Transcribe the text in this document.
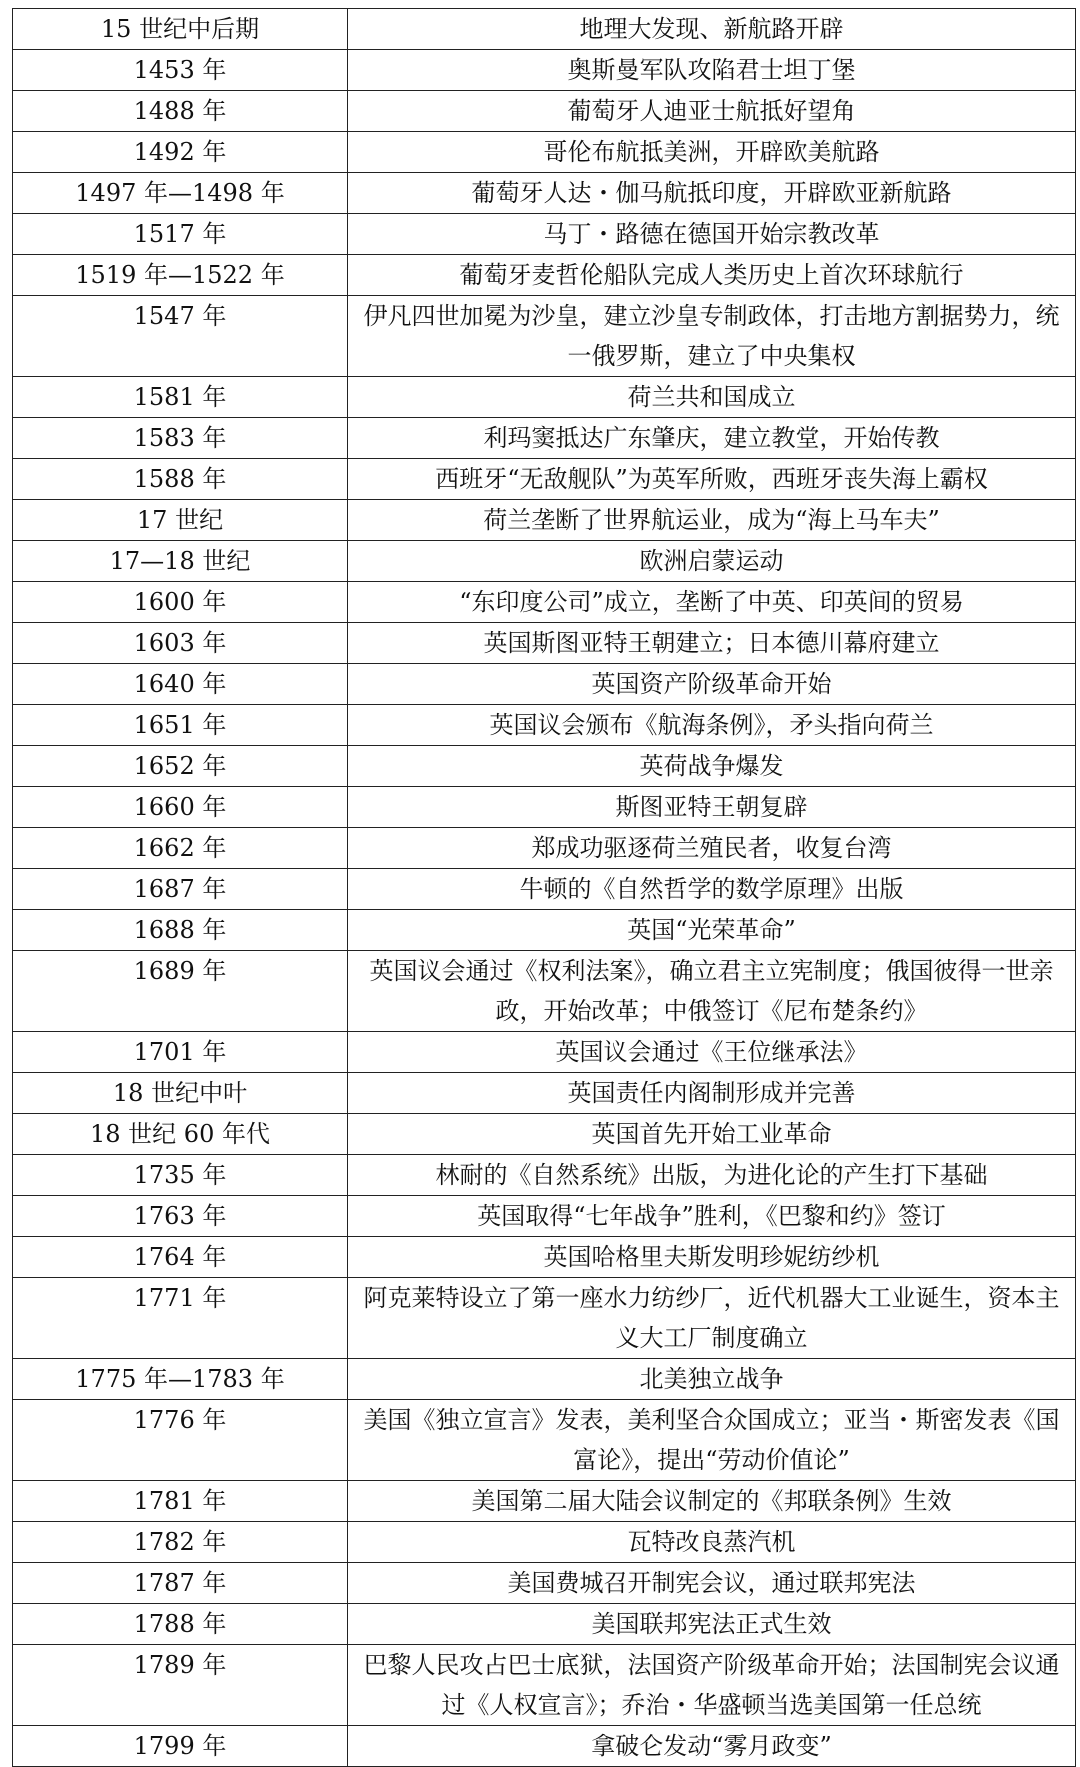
15 世纪中后期	地理大发现、新航路开辟
1453 年	奥斯曼军队攻陷君士坦丁堡
1488 年	葡萄牙人迪亚士航抵好望角
1492 年	哥伦布航抵美洲，开辟欧美航路
1497 年—1498 年	葡萄牙人达・伽马航抵印度，开辟欧亚新航路
1517 年	马丁・路德在德国开始宗教改革
1519 年—1522 年	葡萄牙麦哲伦船队完成人类历史上首次环球航行
1547 年	伊凡四世加冕为沙皇，建立沙皇专制政体，打击地方割据势力，统一俄罗斯，建立了中央集权
1581 年	荷兰共和国成立
1583 年	利玛窦抵达广东肇庆，建立教堂，开始传教
1588 年	西班牙“无敌舰队”为英军所败，西班牙丧失海上霸权
17 世纪	荷兰垄断了世界航运业，成为“海上马车夫”
17—18 世纪	欧洲启蒙运动
1600 年	“东印度公司”成立，垄断了中英、印英间的贸易
1603 年	英国斯图亚特王朝建立；日本德川幕府建立
1640 年	英国资产阶级革命开始
1651 年	英国议会颁布《航海条例》，矛头指向荷兰
1652 年	英荷战争爆发
1660 年	斯图亚特王朝复辟
1662 年	郑成功驱逐荷兰殖民者，收复台湾
1687 年	牛顿的《自然哲学的数学原理》出版
1688 年	英国“光荣革命”
1689 年	英国议会通过《权利法案》，确立君主立宪制度；俄国彼得一世亲政，开始改革；中俄签订《尼布楚条约》
1701 年	英国议会通过《王位继承法》
18 世纪中叶	英国责任内阁制形成并完善
18 世纪 60 年代	英国首先开始工业革命
1735 年	林耐的《自然系统》出版，为进化论的产生打下基础
1763 年	英国取得“七年战争”胜利，《巴黎和约》签订
1764 年	英国哈格里夫斯发明珍妮纺纱机
1771 年	阿克莱特设立了第一座水力纺纱厂，近代机器大工业诞生，资本主义大工厂制度确立
1775 年—1783 年	北美独立战争
1776 年	美国《独立宣言》发表，美利坚合众国成立；亚当・斯密发表《国富论》，提出“劳动价值论”
1781 年	美国第二届大陆会议制定的《邦联条例》生效
1782 年	瓦特改良蒸汽机
1787 年	美国费城召开制宪会议，通过联邦宪法
1788 年	美国联邦宪法正式生效
1789 年	巴黎人民攻占巴士底狱，法国资产阶级革命开始；法国制宪会议通过《人权宣言》；乔治・华盛顿当选美国第一任总统
1799 年	拿破仑发动“雾月政变”
